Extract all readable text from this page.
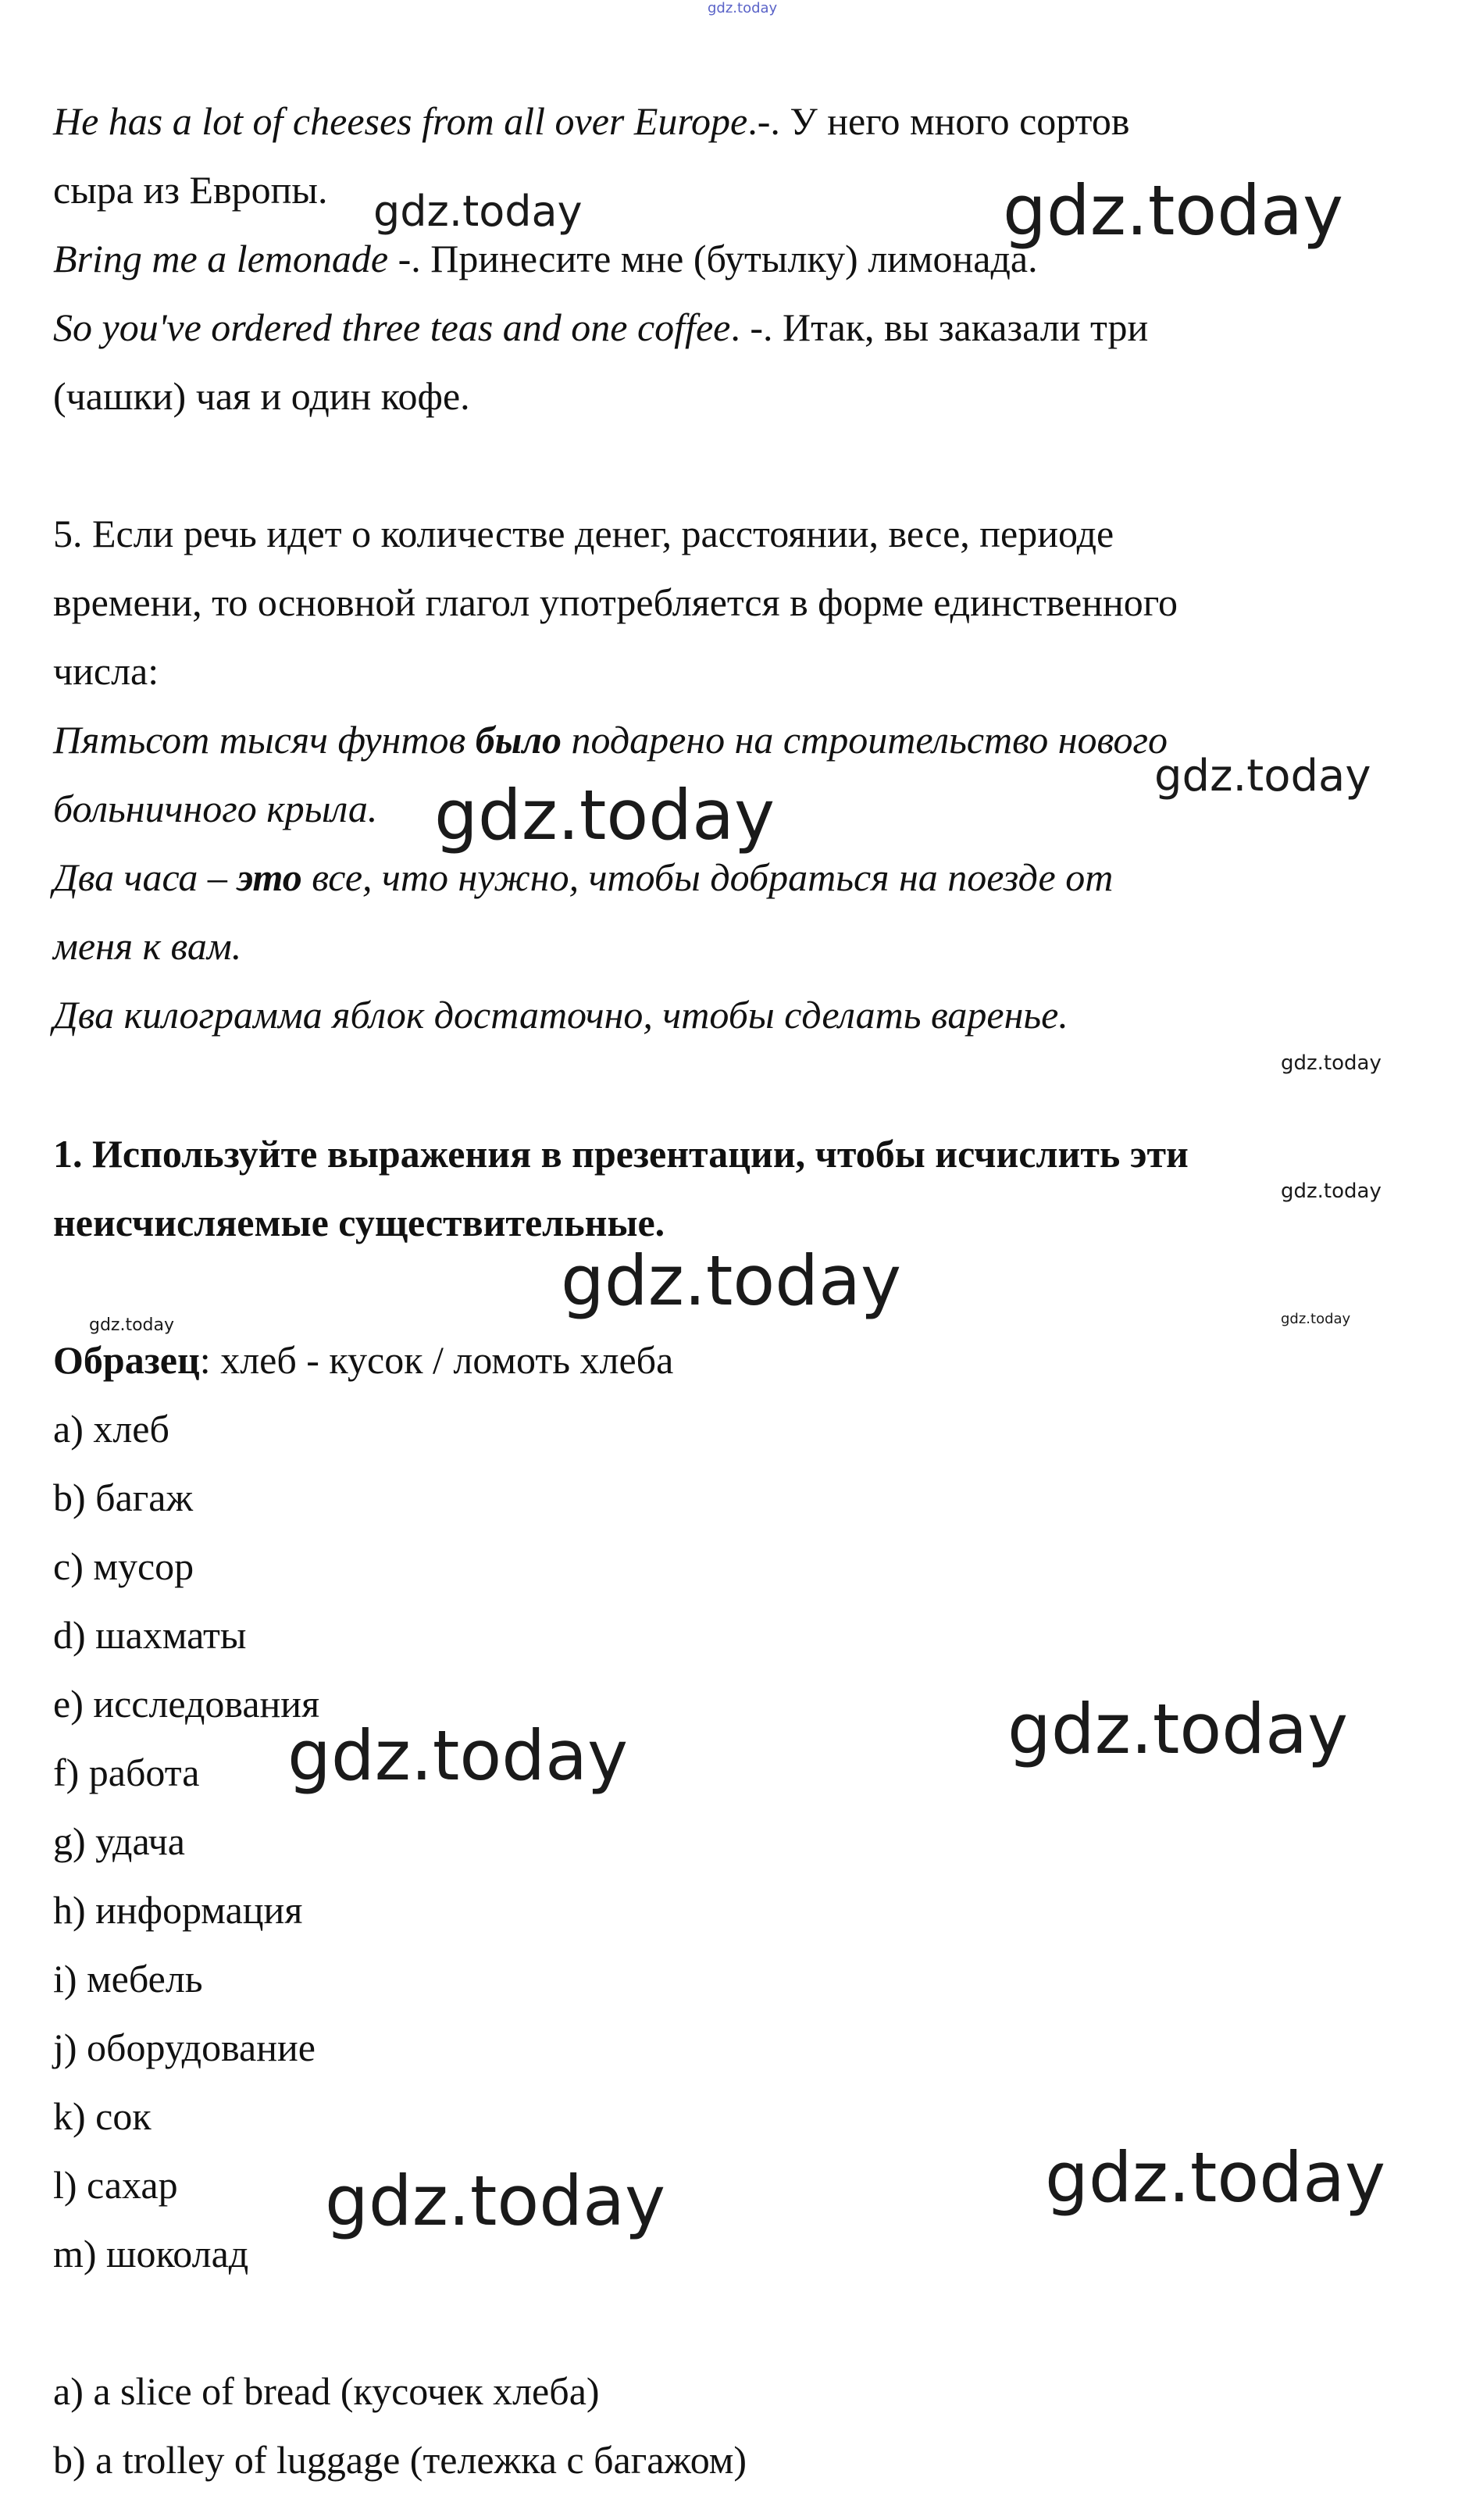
gdz.today
He has a lot of cheeses from all over Europe.-. У него много сортов
сыра из Европы.
Bring me a lemonade -. Принесите мне (бутылку) лимонада.
So you've ordered three teas and one coffee. -. Итак, вы заказали три
(чашки) чая и один кофе.
5. Если речь идет о количестве денег, расстоянии, весе, периоде
времени, то основной глагол употребляется в форме единственного
числа:
Пятьсот тысяч фунтов было подарено на строительство нового
больничного крыла.
Два часа – это все, что нужно, чтобы добраться на поезде от
меня к вам.
Два килограмма яблок достаточно, чтобы сделать варенье.
1. Используйте выражения в презентации, чтобы исчислить эти
неисчисляемые существительные.
Образец: хлеб - кусок / ломоть хлеба
a) хлеб
b) багаж
c) мусор
d) шахматы
e) исследования
f) работа
g) удача
h) информация
i) мебель
j) оборудование
k) сок
l) сахар
m) шоколад
a) a slice of bread (кусочек хлеба)
b) a trolley of luggage (тележка с багажом)
gdz.today	gdz.today
gdz.today
gdz.today
gdz.today
gdz.today
gdz.today
gdz.today	gdz.today
gdz.today
gdz.today
gdz.today
gdz.today
